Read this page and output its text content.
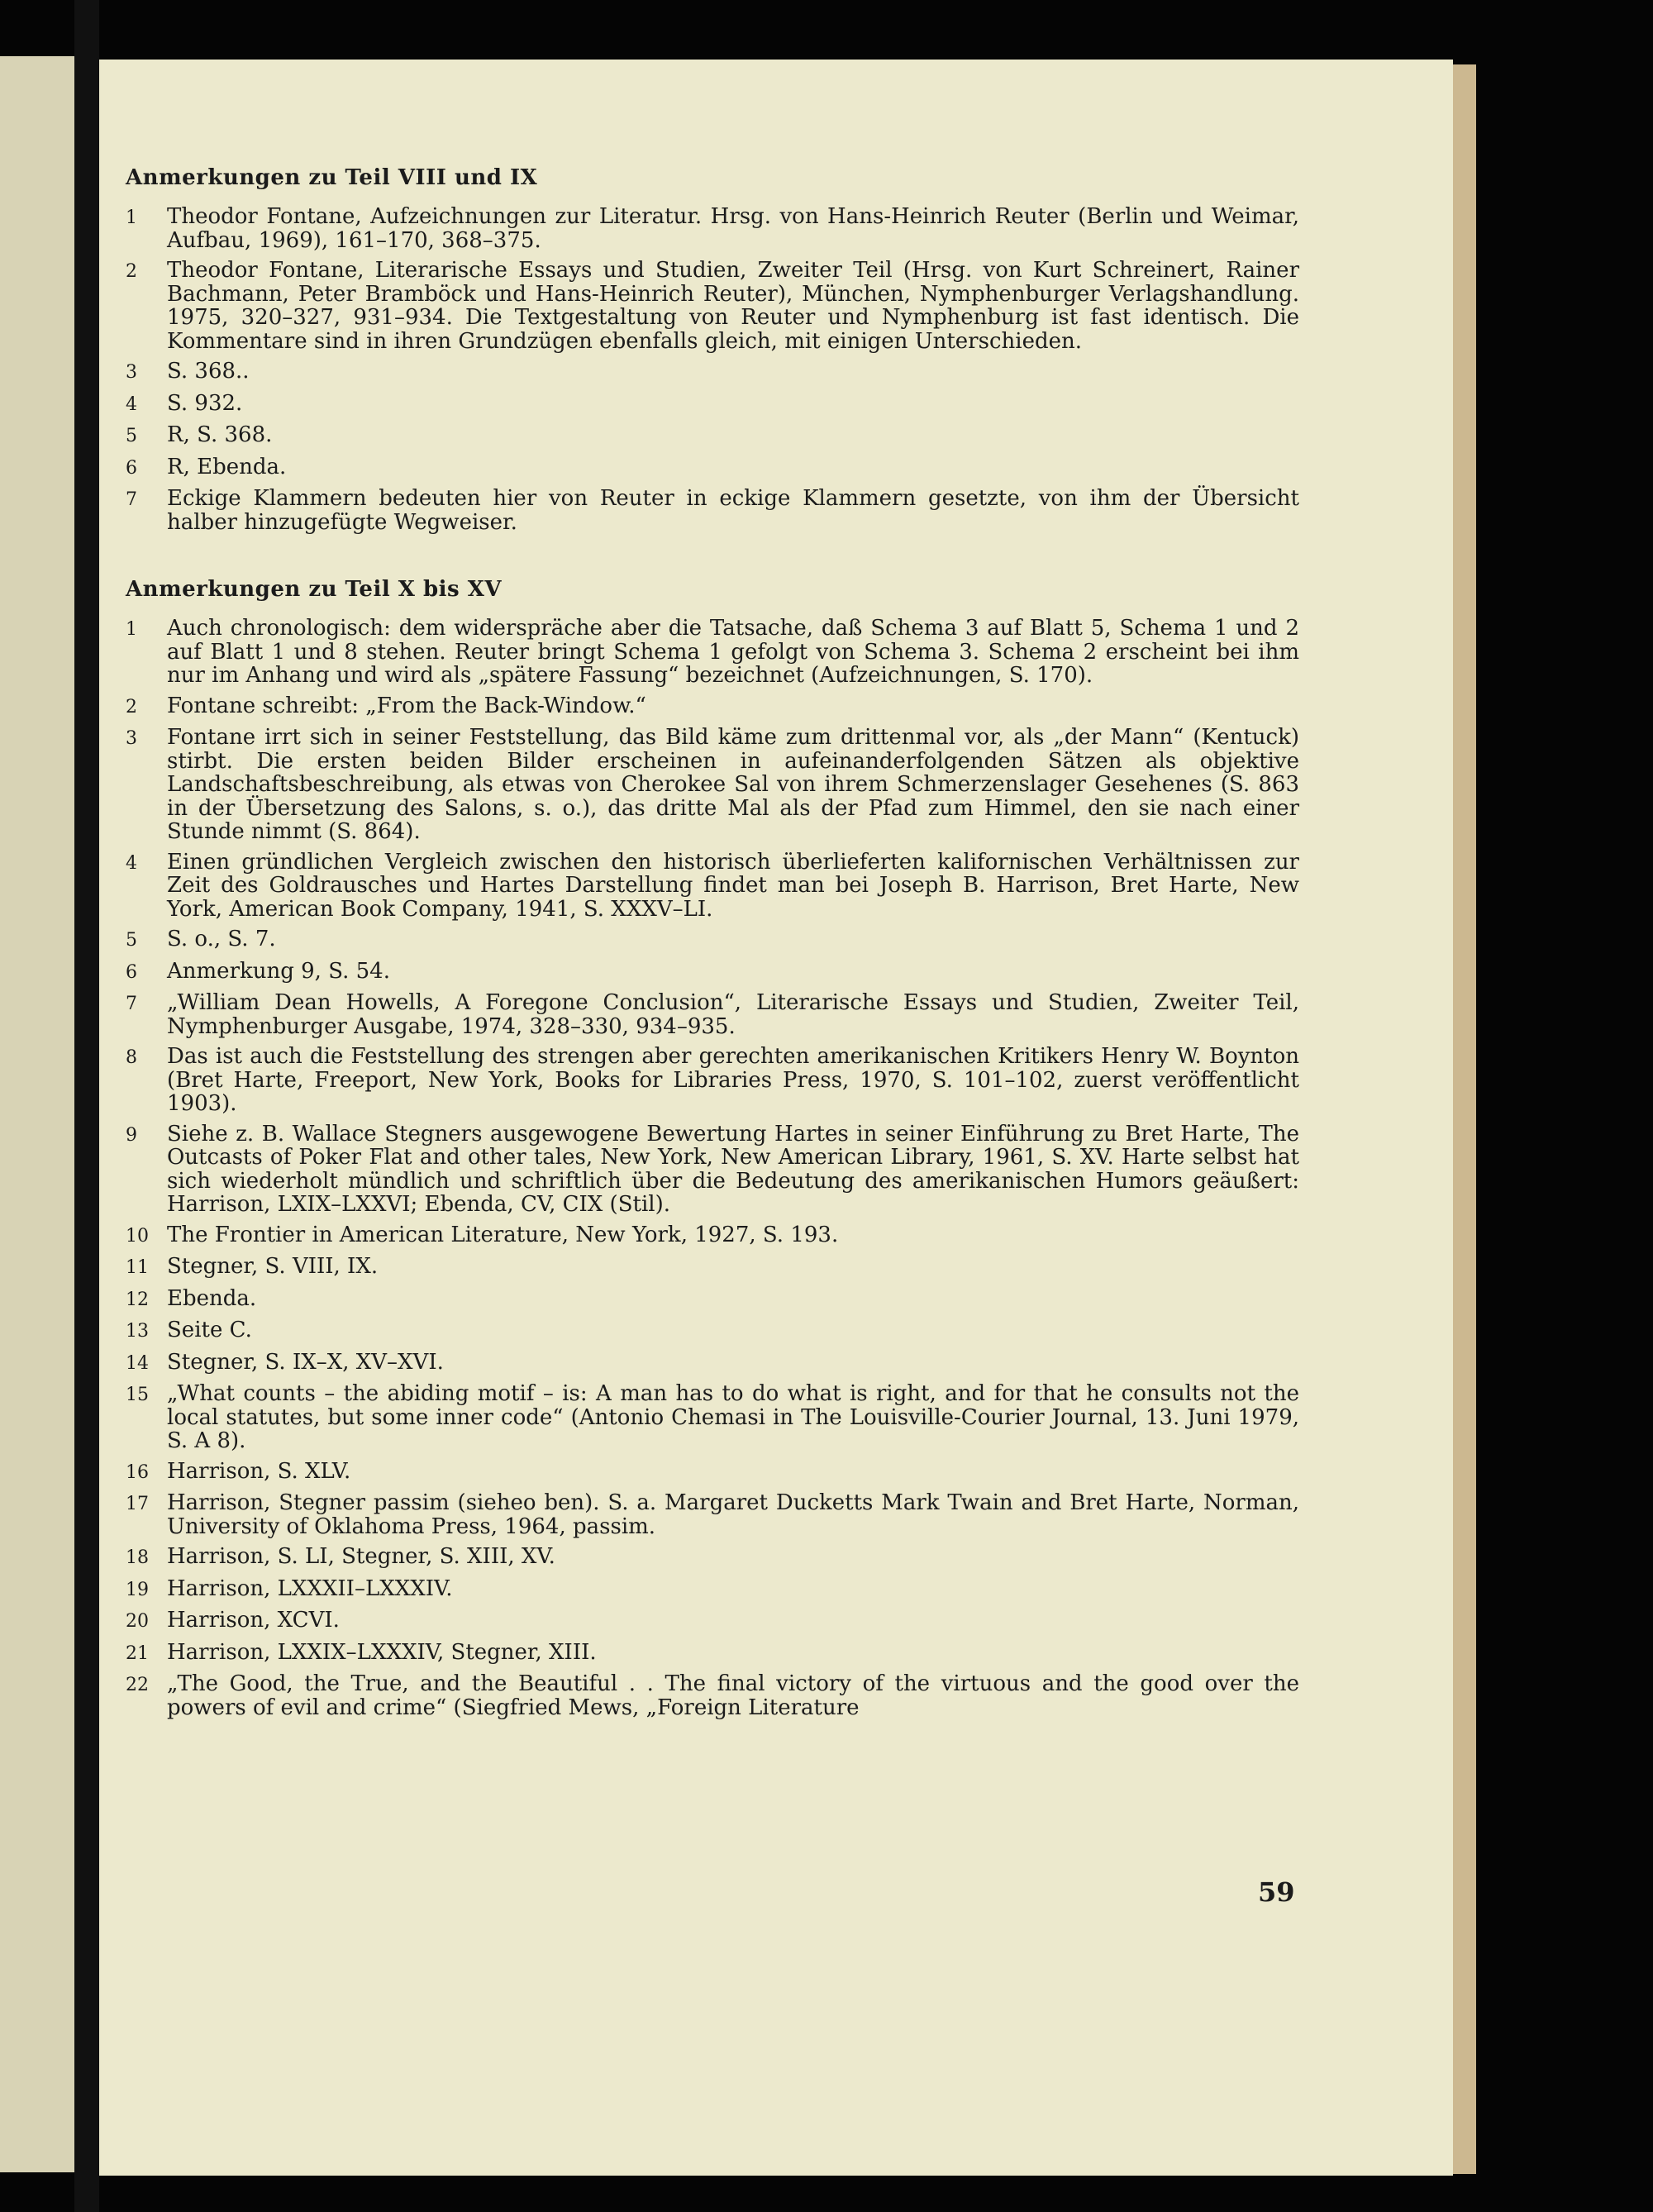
Anmerkungen zu Teil VIII und IX
1	Theodor Fontane, Aufzeichnungen zur Literatur. Hrsg. von Hans-Heinrich Reuter (Berlin und Weimar, Aufbau, 1969), 161–170, 368–375.
2	Theodor Fontane, Literarische Essays und Studien, Zweiter Teil (Hrsg. von Kurt Schreinert, Rainer Bachmann, Peter Bramböck und Hans-Heinrich Reuter), München, Nymphenburger Verlagshandlung. 1975, 320–327, 931–934. Die Textgestaltung von Reuter und Nymphenburg ist fast identisch. Die Kommentare sind in ihren Grundzügen ebenfalls gleich, mit einigen Unterschieden.
3	S. 368..
4	S. 932.
5	R, S. 368.
6	R, Ebenda.
7	Eckige Klammern bedeuten hier von Reuter in eckige Klammern gesetzte, von ihm der Übersicht halber hinzugefügte Wegweiser.
Anmerkungen zu Teil X bis XV
1	Auch chronologisch: dem widerspräche aber die Tatsache, daß Schema 3 auf Blatt 5, Schema 1 und 2 auf Blatt 1 und 8 stehen. Reuter bringt Schema 1 gefolgt von Schema 3. Schema 2 erscheint bei ihm nur im Anhang und wird als „spätere Fassung“ bezeichnet (Aufzeichnungen, S. 170).
2	Fontane schreibt: „From the Back-Window.“
3	Fontane irrt sich in seiner Feststellung, das Bild käme zum drittenmal vor, als „der Mann“ (Kentuck) stirbt. Die ersten beiden Bilder erscheinen in aufeinanderfolgenden Sätzen als objektive Landschaftsbeschreibung, als etwas von Cherokee Sal von ihrem Schmerzenslager Gesehenes (S. 863 in der Übersetzung des Salons, s. o.), das dritte Mal als der Pfad zum Himmel, den sie nach einer Stunde nimmt (S. 864).
4	Einen gründlichen Vergleich zwischen den historisch überlieferten kalifornischen Verhältnissen zur Zeit des Goldrausches und Hartes Darstellung findet man bei Joseph B. Harrison, Bret Harte, New York, American Book Company, 1941, S. XXXV–LI.
5	S. o., S. 7.
6	Anmerkung 9, S. 54.
7	„William Dean Howells, A Foregone Conclusion“, Literarische Essays und Studien, Zweiter Teil, Nymphenburger Ausgabe, 1974, 328–330, 934–935.
8	Das ist auch die Feststellung des strengen aber gerechten amerikanischen Kritikers Henry W. Boynton (Bret Harte, Freeport, New York, Books for Libraries Press, 1970, S. 101–102, zuerst veröffentlicht 1903).
9	Siehe z. B. Wallace Stegners ausgewogene Bewertung Hartes in seiner Einführung zu Bret Harte, The Outcasts of Poker Flat and other tales, New York, New American Library, 1961, S. XV. Harte selbst hat sich wiederholt mündlich und schriftlich über die Bedeutung des amerikanischen Humors geäußert: Harrison, LXIX–LXXVI; Ebenda, CV, CIX (Stil).
10 The Frontier in American Literature, New York, 1927, S. 193.
11 Stegner, S. VIII, IX.
12 Ebenda.
13 Seite C.
14 Stegner, S. IX–X, XV–XVI.
15 „What counts – the abiding motif – is: A man has to do what is right, and for that he consults not the local statutes, but some inner code“ (Antonio Chemasi in The Louisville-Courier Journal, 13. Juni 1979, S. A 8).
16 Harrison, S. XLV.
17 Harrison, Stegner passim (sieheo ben). S. a. Margaret Ducketts Mark Twain and Bret Harte, Norman, University of Oklahoma Press, 1964, passim.
18 Harrison, S. LI, Stegner, S. XIII, XV.
19 Harrison, LXXXII–LXXXIV.
20 Harrison, XCVI.
21 Harrison, LXXIX–LXXXIV, Stegner, XIII.
22 „The Good, the True, and the Beautiful . . The final victory of the virtuous and the good over the powers of evil and crime“ (Siegfried Mews, „Foreign Literature
59
